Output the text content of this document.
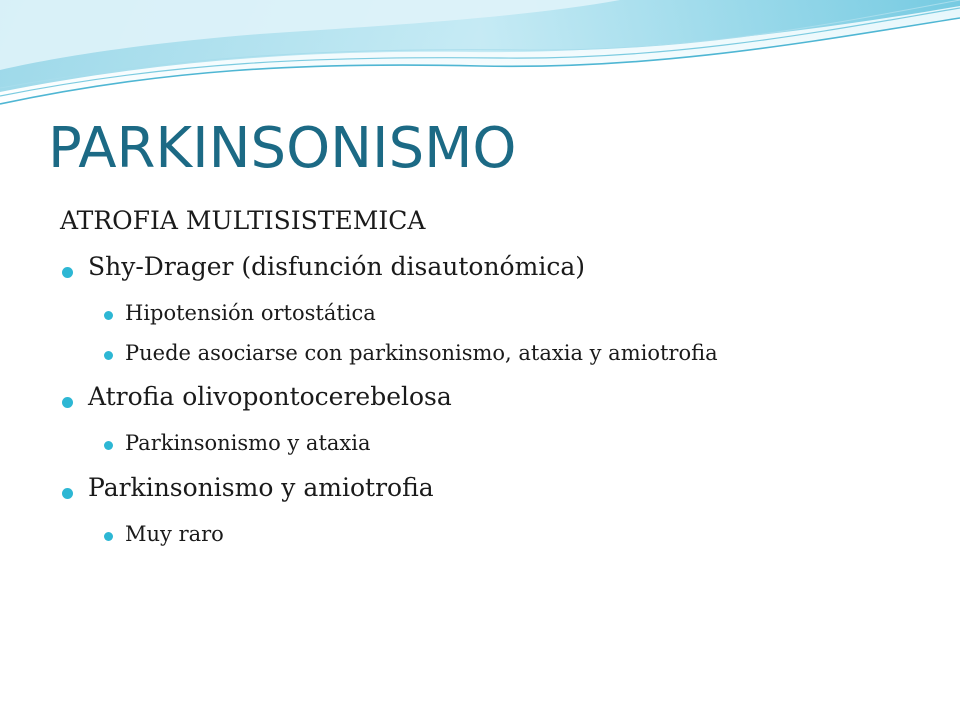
PARKINSONISMO
ATROFIA MULTISISTEMICA
Shy-Drager (disfunción disautonómica)
Hipotensión ortostática
Puede asociarse con parkinsonismo, ataxia y amiotrofia
Atrofia olivopontocerebelosa
Parkinsonismo y ataxia
Parkinsonismo y amiotrofia
Muy raro
